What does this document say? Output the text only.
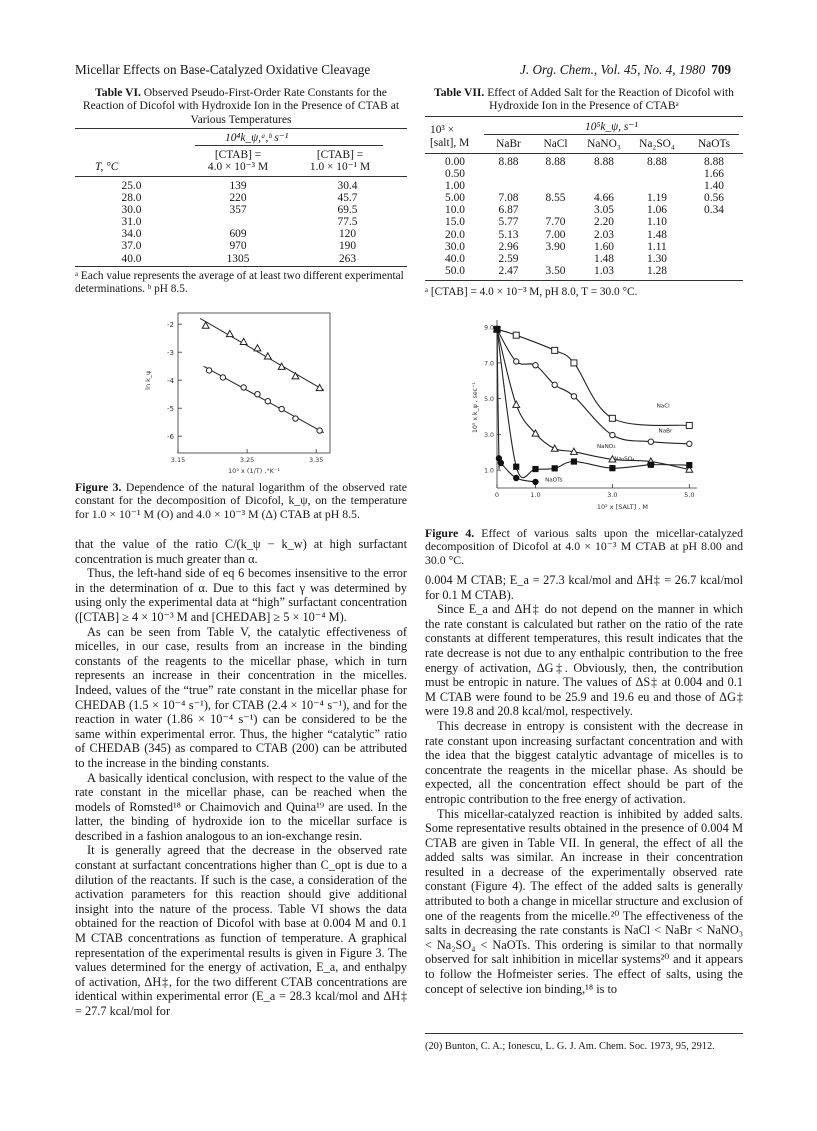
Micellar Effects on Base-Catalyzed Oxidative Cleavage	J. Org. Chem., Vol. 45, No. 4, 1980 709
Table VI. Observed Pseudo-First-Order Rate Constants for the Reaction of Dicofol with Hydroxide Ion in the Presence of CTAB at Various Temperatures
10⁴k_ψ,ᵃ,ᵇ s⁻¹
[CTAB] =
4.0 × 10⁻³ M
[CTAB] =
1.0 × 10⁻¹ M
T, °C
25.0	139	30.4
28.0	220	45.7
30.0	357	69.5
31.0		77.5
34.0	609	120
37.0	970	190
40.0	1305	263
ᵃ Each value represents the average of at least two different experimental determinations. ᵇ pH 8.5.
-2
-3
-4
-5
-6
3.15	3.25	3.35
10³ x (1/T) ,°K⁻¹
ln k_ψ
Figure 3. Dependence of the natural logarithm of the observed rate constant for the decomposition of Dicofol, k_ψ, on the temperature for 1.0 × 10⁻¹ M (O) and 4.0 × 10⁻³ M (Δ) CTAB at pH 8.5.

that the value of the ratio C/(k_ψ − k_w) at high surfactant concentration is much greater than α.

Thus, the left-hand side of eq 6 becomes insensitive to the error in the determination of α. Due to this fact γ was determined by using only the experimental data at “high” surfactant concentration ([CTAB] ≥ 4 × 10⁻³ M and [CHEDAB] ≥ 5 × 10⁻⁴ M).

As can be seen from Table V, the catalytic effectiveness of micelles, in our case, results from an increase in the binding constants of the reagents to the micellar phase, which in turn represents an increase in their concentration in the micelles. Indeed, values of the “true” rate constant in the micellar phase for CHEDAB (1.5 × 10⁻⁴ s⁻¹), for CTAB (2.4 × 10⁻⁴ s⁻¹), and for the reaction in water (1.86 × 10⁻⁴ s⁻¹) can be considered to be the same within experimental error. Thus, the higher “catalytic” ratio of CHEDAB (345) as compared to CTAB (200) can be attributed to the increase in the binding constants.

A basically identical conclusion, with respect to the value of the rate constant in the micellar phase, can be reached when the models of Romsted¹⁸ or Chaimovich and Quina¹⁹ are used. In the latter, the binding of hydroxide ion to the micellar surface is described in a fashion analogous to an ion-exchange resin.

It is generally agreed that the decrease in the observed rate constant at surfactant concentrations higher than C_opt is due to a dilution of the reactants. If such is the case, a consideration of the activation parameters for this reaction should give additional insight into the nature of the process. Table VI shows the data obtained for the reaction of Dicofol with base at 0.004 M and 0.1 M CTAB concentrations as function of temperature. A graphical representation of the experimental results is given in Figure 3. The values determined for the energy of activation, E_a, and enthalpy of activation, ΔH‡, for the two different CTAB concentrations are identical within experimental error (E_a = 28.3 kcal/mol and ΔH‡ = 27.7 kcal/mol for

Table VII. Effect of Added Salt for the Reaction of Dicofol with Hydroxide Ion in the Presence of CTABᵃ
10³ ×
[salt], M
10⁵k_ψ, s⁻¹
	NaBr	NaCl	NaNO₃	Na₂SO₄	NaOTs
0.00	8.88	8.88	8.88	8.88	8.88
0.50					1.66
1.00					1.40
5.00	7.08	8.55	4.66	1.19	0.56
10.0	6.87		3.05	1.06	0.34
15.0	5.77	7.70	2.20	1.10	
20.0	5.13	7.00	2.03	1.48	
30.0	2.96	3.90	1.60	1.11	
40.0	2.59		1.48	1.30	
50.0	2.47	3.50	1.03	1.28	
ᵃ [CTAB] = 4.0 × 10⁻³ M, pH 8.0, T = 30.0 °C.
9.0
7.0
5.0
3.0
1.0
0	1.0	3.0	5.0
10² x [SALT] , M
10⁵ x k_ψ , sec⁻¹	NaCl
NaBr
NaNO₃
Na₂SO₄
NaOTs
Figure 4. Effect of various salts upon the micellar-catalyzed decomposition of Dicofol at 4.0 × 10⁻³ M CTAB at pH 8.00 and 30.0 °C.

0.004 M CTAB; E_a = 27.3 kcal/mol and ΔH‡ = 26.7 kcal/mol for 0.1 M CTAB).

Since E_a and ΔH‡ do not depend on the manner in which the rate constant is calculated but rather on the ratio of the rate constants at different temperatures, this result indicates that the rate decrease is not due to any enthalpic contribution to the free energy of activation, ΔG‡. Obviously, then, the contribution must be entropic in nature. The values of ΔS‡ at 0.004 and 0.1 M CTAB were found to be 25.9 and 19.6 eu and those of ΔG‡ were 19.8 and 20.8 kcal/mol, respectively.

This decrease in entropy is consistent with the decrease in rate constant upon increasing surfactant concentration and with the idea that the biggest catalytic advantage of micelles is to concentrate the reagents in the micellar phase. As should be expected, all the concentration effect should be part of the entropic contribution to the free energy of activation.

This micellar-catalyzed reaction is inhibited by added salts. Some representative results obtained in the presence of 0.004 M CTAB are given in Table VII. In general, the effect of all the added salts was similar. An increase in their concentration resulted in a decrease of the experimentally observed rate constant (Figure 4). The effect of the added salts is generally attributed to both a change in micellar structure and exclusion of one of the reagents from the micelle.²⁰ The effectiveness of the salts in decreasing the rate constants is NaCl < NaBr < NaNO₃ < Na₂SO₄ < NaOTs. This ordering is similar to that normally observed for salt inhibition in micellar systems²⁰ and it appears to follow the Hofmeister series. The effect of salts, using the concept of selective ion binding,¹⁸ is to

(20) Bunton, C. A.; Ionescu, L. G. J. Am. Chem. Soc. 1973, 95, 2912.
